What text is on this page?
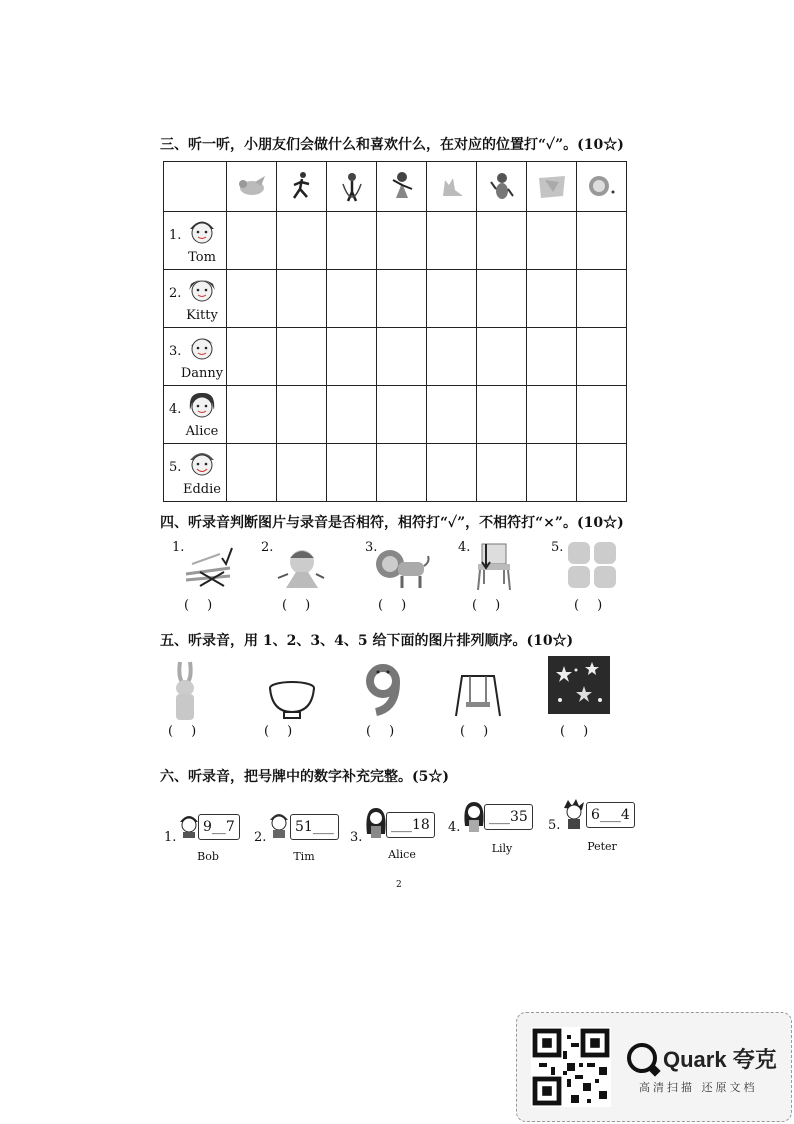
三、听一听，小朋友们会做什么和喜欢什么，在对应的位置打“✓”。(10☆)

1.
Tom								

2.
Kitty								

3.
Danny								

4.
Alice								

5.
Eddie								

四、听录音判断图片与录音是否相符，相符打“✓”，不相符打“×”。(10☆)
1.
()
2.
()
3.
()
4.
()
5.
()
五、听录音，用 1、2、3、4、5 给下面的图片排列顺序。(10☆)
()	()	()	()	()
六、听录音，把号牌中的数字补充完整。(5☆)
1.
9__7
Bob
2.
51___
Tim
3.
___18
Alice
4.
___35
Lily
5.
6___4
Peter
2
Quark 夸克
高清扫描 还原文档
